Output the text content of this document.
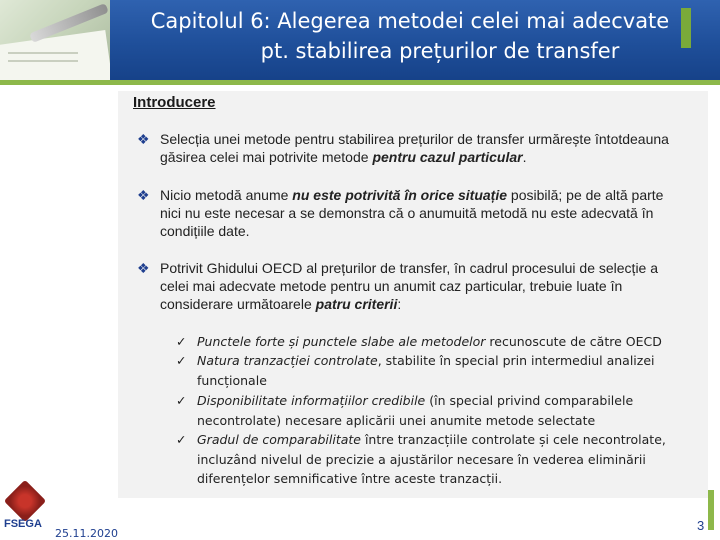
Capitolul 6: Alegerea metodei celei mai adecvate
pt. stabilirea prețurilor de transfer
Introducere
❖ Selecția unei metode pentru stabilirea prețurilor de transfer urmărește întotdeauna găsirea celei mai potrivite metode pentru cazul particular.
❖ Nicio metodă anume nu este potrivită în orice situație posibilă; pe de altă parte nici nu este necesar a se demonstra că o anumuită metodă nu este adecvată în condițiile date.
❖ Potrivit Ghidului OECD al prețurilor de transfer, în cadrul procesului de selecție a celei mai adecvate metode pentru un anumit caz particular, trebuie luate în considerare următoarele patru criterii:
✓ Punctele forte și punctele slabe ale metodelor recunoscute de către OECD
✓ Natura tranzacției controlate, stabilite în special prin intermediul analizei funcționale
✓ Disponibilitate informațiilor credibile (în special privind comparabilele necontrolate) necesare aplicării unei anumite metode selectate
✓ Gradul de comparabilitate între tranzacțiile controlate și cele necontrolate, incluzând nivelul de precizie a ajustărilor necesare în vederea eliminării diferențelor semnificative între aceste tranzacții.
FSEGA
25.11.2020
3
